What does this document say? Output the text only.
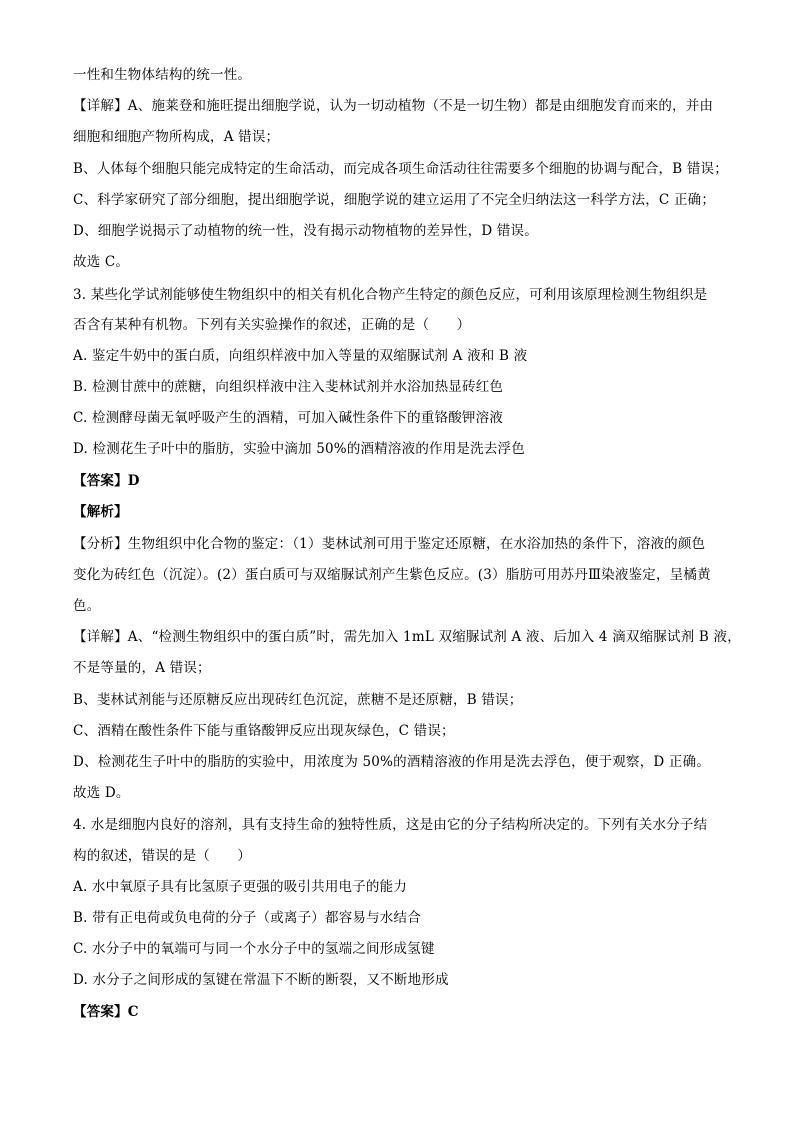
一性和生物体结构的统一性。
【详解】A、施莱登和施旺提出细胞学说，认为一切动植物（不是一切生物）都是由细胞发育而来的，并由
细胞和细胞产物所构成，A 错误；
B、人体每个细胞只能完成特定的生命活动，而完成各项生命活动往往需要多个细胞的协调与配合，B 错误；
C、科学家研究了部分细胞，提出细胞学说，细胞学说的建立运用了不完全归纳法这一科学方法，C 正确；
D、细胞学说揭示了动植物的统一性，没有揭示动物植物的差异性，D 错误。
故选 C。
3. 某些化学试剂能够使生物组织中的相关有机化合物产生特定的颜色反应，可利用该原理检测生物组织是
否含有某种有机物。下列有关实验操作的叙述，正确的是（　　）
A. 鉴定牛奶中的蛋白质，向组织样液中加入等量的双缩脲试剂 A 液和 B 液
B. 检测甘蔗中的蔗糖，向组织样液中注入斐林试剂并水浴加热显砖红色
C. 检测酵母菌无氧呼吸产生的酒精，可加入碱性条件下的重铬酸钾溶液
D. 检测花生子叶中的脂肪，实验中滴加 50%的酒精溶液的作用是洗去浮色
【答案】D
【解析】
【分析】生物组织中化合物的鉴定：（1）斐林试剂可用于鉴定还原糖，在水浴加热的条件下，溶液的颜色
变化为砖红色（沉淀）。(2）蛋白质可与双缩脲试剂产生紫色反应。(3）脂肪可用苏丹Ⅲ染液鉴定，呈橘黄
色。
【详解】A、“检测生物组织中的蛋白质”时，需先加入 1mL 双缩脲试剂 A 液、后加入 4 滴双缩脲试剂 B 液，
不是等量的，A 错误；
B、斐林试剂能与还原糖反应出现砖红色沉淀，蔗糖不是还原糖，B 错误；
C、酒精在酸性条件下能与重铬酸钾反应出现灰绿色，C 错误；
D、检测花生子叶中的脂肪的实验中，用浓度为 50%的酒精溶液的作用是洗去浮色，便于观察，D 正确。
故选 D。
4. 水是细胞内良好的溶剂，具有支持生命的独特性质，这是由它的分子结构所决定的。下列有关水分子结
构的叙述，错误的是（　　）
A. 水中氧原子具有比氢原子更强的吸引共用电子的能力
B. 带有正电荷或负电荷的分子（或离子）都容易与水结合
C. 水分子中的氧端可与同一个水分子中的氢端之间形成氢键
D. 水分子之间形成的氢键在常温下不断的断裂，又不断地形成
【答案】C
